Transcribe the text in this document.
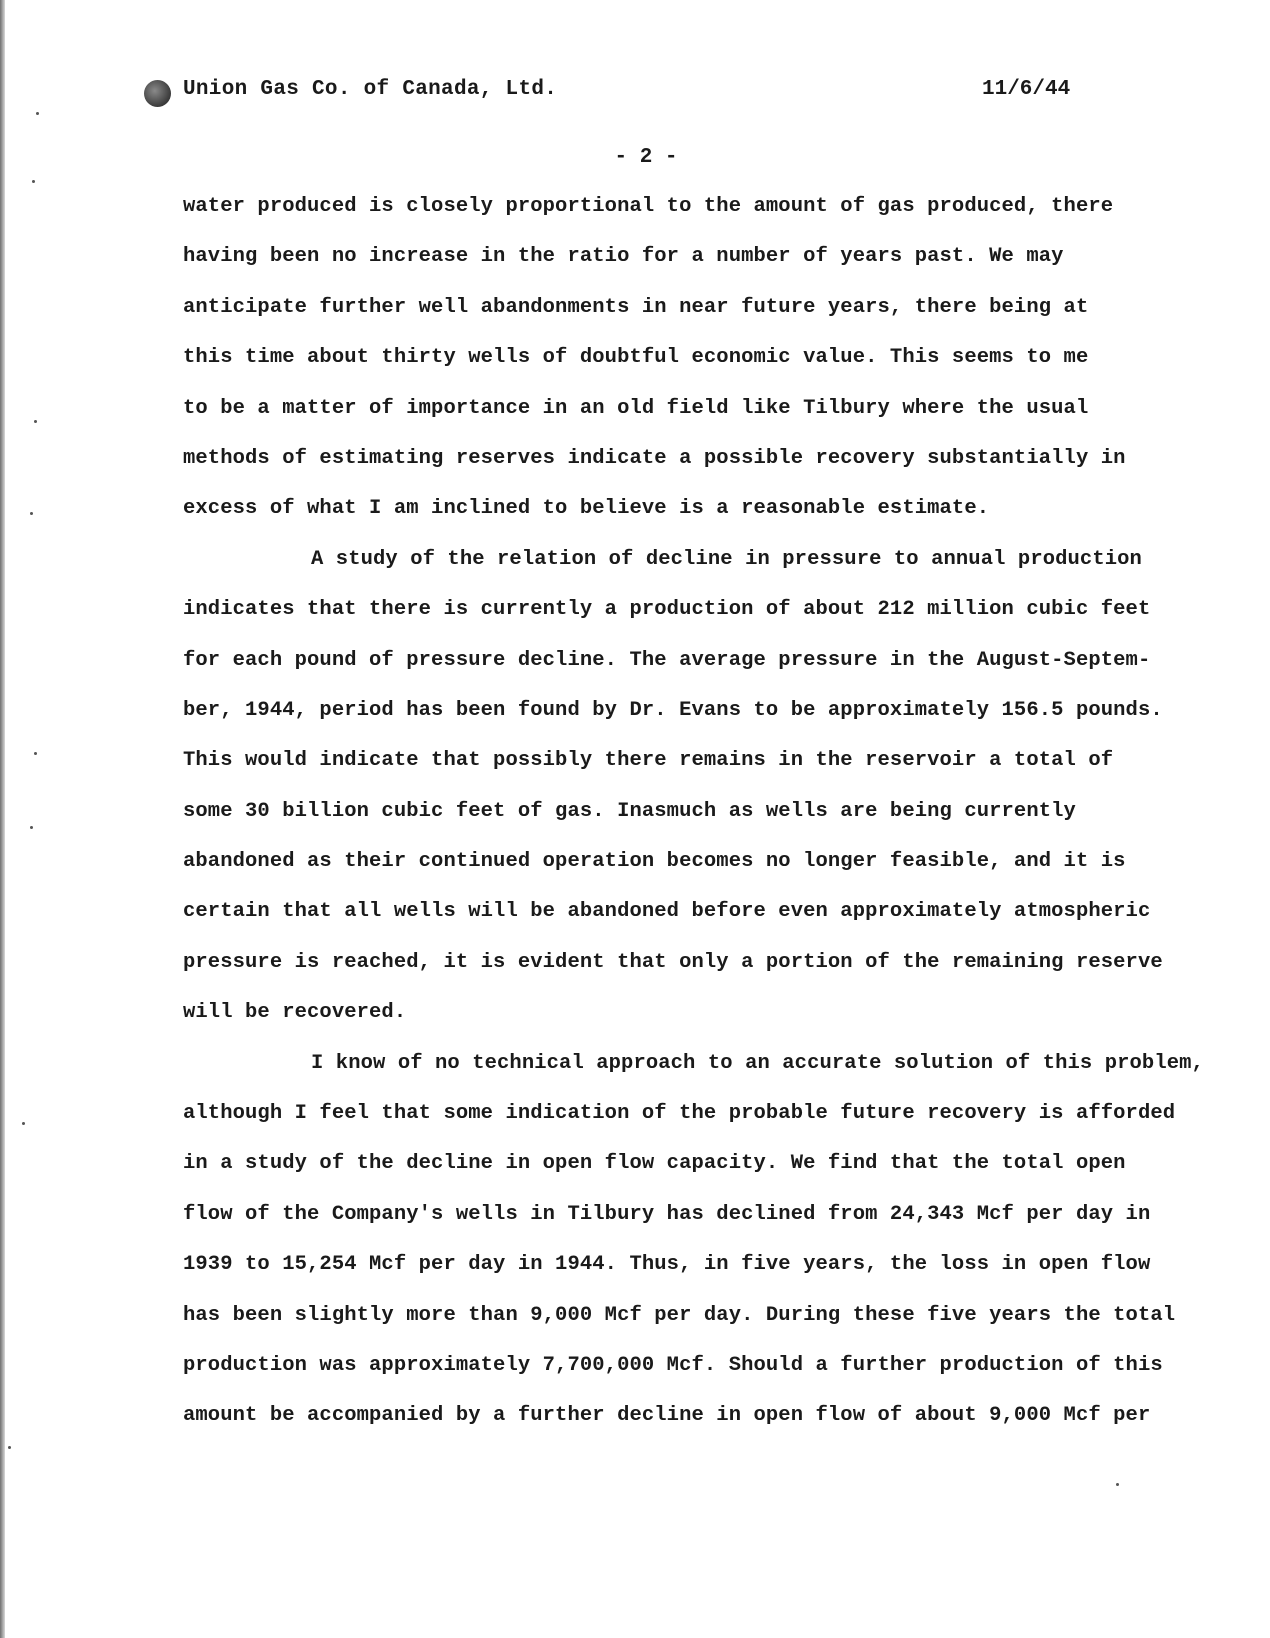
Union Gas Co. of Canada, Ltd.	11/6/44
- 2 -
water produced is closely proportional to the amount of gas produced, there
having been no increase in the ratio for a number of years past. We may
anticipate further well abandonments in near future years, there being at
this time about thirty wells of doubtful economic value. This seems to me
to be a matter of importance in an old field like Tilbury where the usual
methods of estimating reserves indicate a possible recovery substantially in
excess of what I am inclined to believe is a reasonable estimate.
A study of the relation of decline in pressure to annual production
indicates that there is currently a production of about 212 million cubic feet
for each pound of pressure decline. The average pressure in the August-Septem-
ber, 1944, period has been found by Dr. Evans to be approximately 156.5 pounds.
This would indicate that possibly there remains in the reservoir a total of
some 30 billion cubic feet of gas. Inasmuch as wells are being currently
abandoned as their continued operation becomes no longer feasible, and it is
certain that all wells will be abandoned before even approximately atmospheric
pressure is reached, it is evident that only a portion of the remaining reserve
will be recovered.
I know of no technical approach to an accurate solution of this problem,
although I feel that some indication of the probable future recovery is afforded
in a study of the decline in open flow capacity. We find that the total open
flow of the Company's wells in Tilbury has declined from 24,343 Mcf per day in
1939 to 15,254 Mcf per day in 1944. Thus, in five years, the loss in open flow
has been slightly more than 9,000 Mcf per day. During these five years the total
production was approximately 7,700,000 Mcf. Should a further production of this
amount be accompanied by a further decline in open flow of about 9,000 Mcf per
